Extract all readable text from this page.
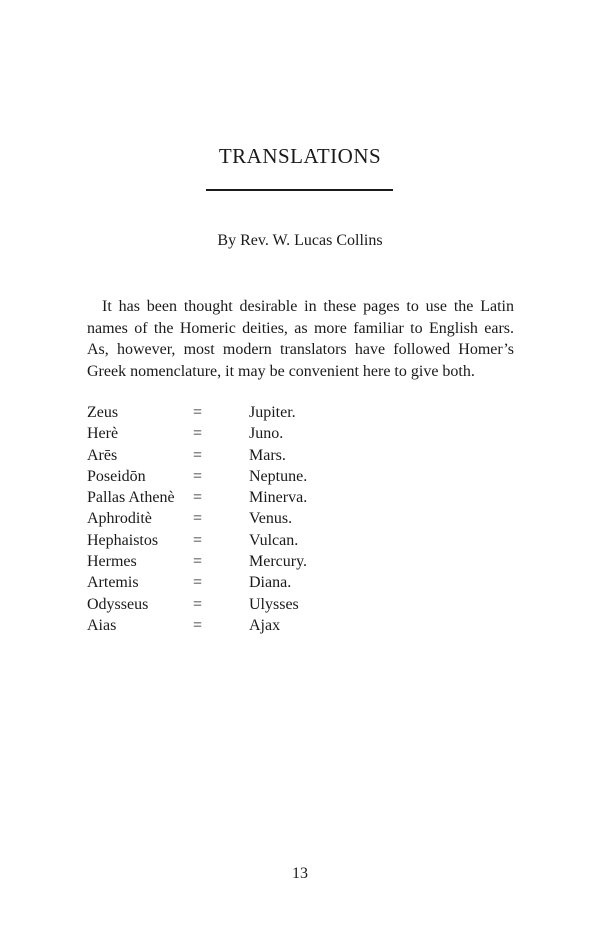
TRANSLATIONS
By Rev. W. Lucas Collins

It has been thought desirable in these pages to use the Latin names of the Homeric deities, as more familiar to English ears. As, however, most modern translators have followed Homer’s Greek nomenclature, it may be convenient here to give both.

Zeus	=	Jupiter.
Herè	=	Juno.
Arēs	=	Mars.
Poseidōn	=	Neptune.
Pallas Athenè	=	Minerva.
Aphroditè	=	Venus.
Hephaistos	=	Vulcan.
Hermes	=	Mercury.
Artemis	=	Diana.
Odysseus	=	Ulysses
Aias	=	Ajax
13
